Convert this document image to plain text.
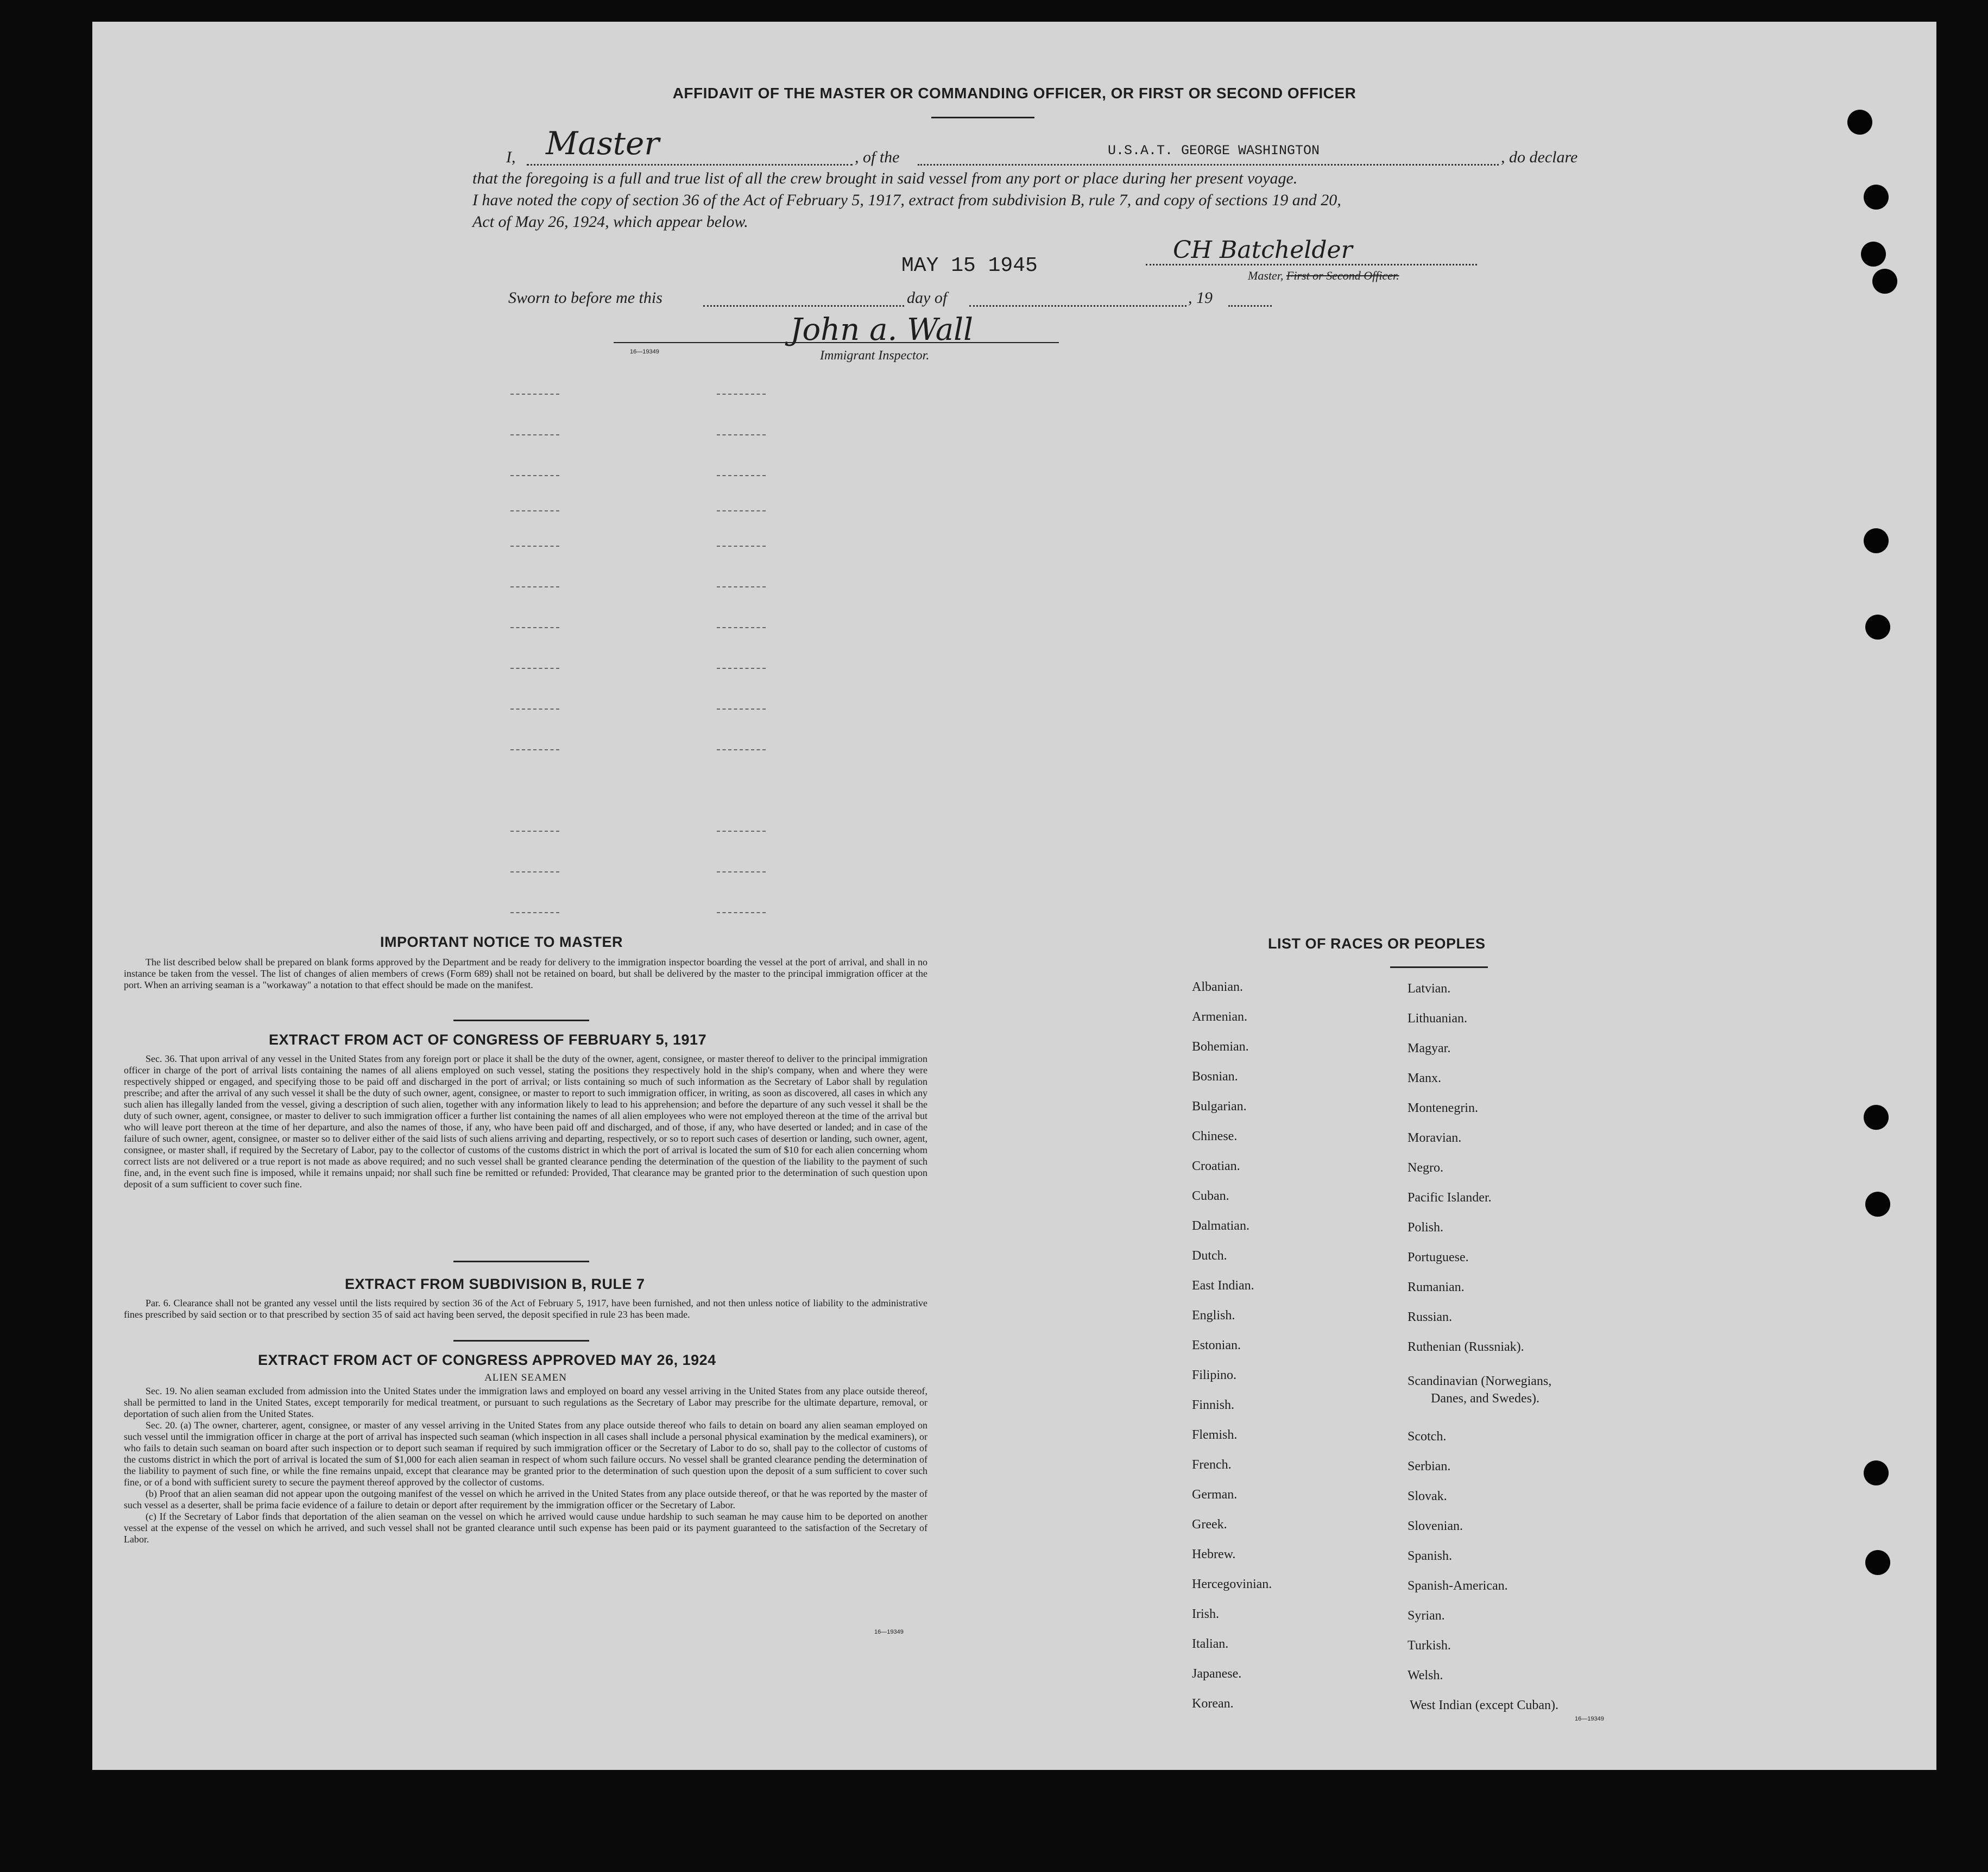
AFFIDAVIT OF THE MASTER OR COMMANDING OFFICER, OR FIRST OR SECOND OFFICER
I, Master	, of the	U.S.A.T. GEORGE WASHINGTON	, do declare
that the foregoing is a full and true list of all the crew brought in said vessel from any port or place during her present voyage.
I have noted the copy of section 36 of the Act of February 5, 1917, extract from subdivision B, rule 7, and copy of sections 19 and 20,
Act of May 26, 1924, which appear below.
MAY 15 1945
CH Batchelder
Master, First or Second Officer.
Sworn to before me this	day of	, 19
John a. Wall
16—19349	Immigrant Inspector.
IMPORTANT NOTICE TO MASTER

The list described below shall be prepared on blank forms approved by the Department and be ready for delivery to the immigration inspector boarding the vessel at the port of arrival, and shall in no instance be taken from the vessel. The list of changes of alien members of crews (Form 689) shall not be retained on board, but shall be delivered by the master to the principal immigration officer at the port. When an arriving seaman is a "workaway" a notation to that effect should be made on the manifest.

EXTRACT FROM ACT OF CONGRESS OF FEBRUARY 5, 1917

Sec. 36. That upon arrival of any vessel in the United States from any foreign port or place it shall be the duty of the owner, agent, consignee, or master thereof to deliver to the principal immigration officer in charge of the port of arrival lists containing the names of all aliens employed on such vessel, stating the positions they respectively hold in the ship's company, when and where they were respectively shipped or engaged, and specifying those to be paid off and discharged in the port of arrival; or lists containing so much of such information as the Secretary of Labor shall by regulation prescribe; and after the arrival of any such vessel it shall be the duty of such owner, agent, consignee, or master to report to such immigration officer, in writing, as soon as discovered, all cases in which any such alien has illegally landed from the vessel, giving a description of such alien, together with any information likely to lead to his apprehension; and before the departure of any such vessel it shall be the duty of such owner, agent, consignee, or master to deliver to such immigration officer a further list containing the names of all alien employees who were not employed thereon at the time of the arrival but who will leave port thereon at the time of her departure, and also the names of those, if any, who have been paid off and discharged, and of those, if any, who have deserted or landed; and in case of the failure of such owner, agent, consignee, or master so to deliver either of the said lists of such aliens arriving and departing, respectively, or so to report such cases of desertion or landing, such owner, agent, consignee, or master shall, if required by the Secretary of Labor, pay to the collector of customs of the customs district in which the port of arrival is located the sum of $10 for each alien concerning whom correct lists are not delivered or a true report is not made as above required; and no such vessel shall be granted clearance pending the determination of the question of the liability to the payment of such fine, and, in the event such fine is imposed, while it remains unpaid; nor shall such fine be remitted or refunded: Provided, That clearance may be granted prior to the determination of such question upon deposit of a sum sufficient to cover such fine.

EXTRACT FROM SUBDIVISION B, RULE 7

Par. 6. Clearance shall not be granted any vessel until the lists required by section 36 of the Act of February 5, 1917, have been furnished, and not then unless notice of liability to the administrative fines prescribed by said section or to that prescribed by section 35 of said act having been served, the deposit specified in rule 23 has been made.

EXTRACT FROM ACT OF CONGRESS APPROVED MAY 26, 1924
ALIEN SEAMEN

Sec. 19. No alien seaman excluded from admission into the United States under the immigration laws and employed on board any vessel arriving in the United States from any place outside thereof, shall be permitted to land in the United States, except temporarily for medical treatment, or pursuant to such regulations as the Secretary of Labor may prescribe for the ultimate departure, removal, or deportation of such alien from the United States.

Sec. 20. (a) The owner, charterer, agent, consignee, or master of any vessel arriving in the United States from any place outside thereof who fails to detain on board any alien seaman employed on such vessel until the immigration officer in charge at the port of arrival has inspected such seaman (which inspection in all cases shall include a personal physical examination by the medical examiners), or who fails to detain such seaman on board after such inspection or to deport such seaman if required by such immigration officer or the Secretary of Labor to do so, shall pay to the collector of customs of the customs district in which the port of arrival is located the sum of $1,000 for each alien seaman in respect of whom such failure occurs. No vessel shall be granted clearance pending the determination of the liability to payment of such fine, or while the fine remains unpaid, except that clearance may be granted prior to the determination of such question upon the deposit of a sum sufficient to cover such fine, or of a bond with sufficient surety to secure the payment thereof approved by the collector of customs.

(b) Proof that an alien seaman did not appear upon the outgoing manifest of the vessel on which he arrived in the United States from any place outside thereof, or that he was reported by the master of such vessel as a deserter, shall be prima facie evidence of a failure to detain or deport after requirement by the immigration officer or the Secretary of Labor.

(c) If the Secretary of Labor finds that deportation of the alien seaman on the vessel on which he arrived would cause undue hardship to such seaman he may cause him to be deported on another vessel at the expense of the vessel on which he arrived, and such vessel shall not be granted clearance until such expense has been paid or its payment guaranteed to the satisfaction of the Secretary of Labor.

16—19349
LIST OF RACES OR PEOPLES
Albanian.
Armenian.
Bohemian.
Bosnian.
Bulgarian.
Chinese.
Croatian.
Cuban.
Dalmatian.
Dutch.
East Indian.
English.
Estonian.
Filipino.
Finnish.
Flemish.
French.
German.
Greek.
Hebrew.
Hercegovinian.
Irish.
Italian.
Japanese.
Korean.
Latvian.
Lithuanian.
Magyar.
Manx.
Montenegrin.
Moravian.
Negro.
Pacific Islander.
Polish.
Portuguese.
Rumanian.
Russian.
Ruthenian (Russniak).
Scandinavian (Norwegians,
Danes, and Swedes).
Scotch.
Serbian.
Slovak.
Slovenian.
Spanish.
Spanish-American.
Syrian.
Turkish.
Welsh.
West Indian (except Cuban).
16—19349
